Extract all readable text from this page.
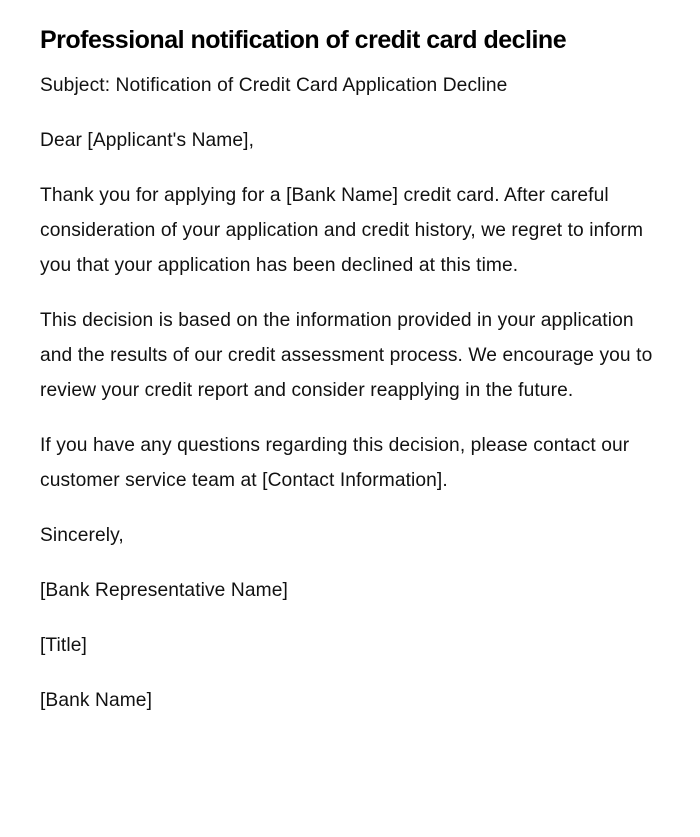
Professional notification of credit card decline

Subject: Notification of Credit Card Application Decline

Dear [Applicant's Name],

Thank you for applying for a [Bank Name] credit card. After careful consideration of your application and credit history, we regret to inform you that your application has been declined at this time.

This decision is based on the information provided in your application and the results of our credit assessment process. We encourage you to review your credit report and consider reapplying in the future.

If you have any questions regarding this decision, please contact our customer service team at [Contact Information].

Sincerely,

[Bank Representative Name]

[Title]

[Bank Name]
